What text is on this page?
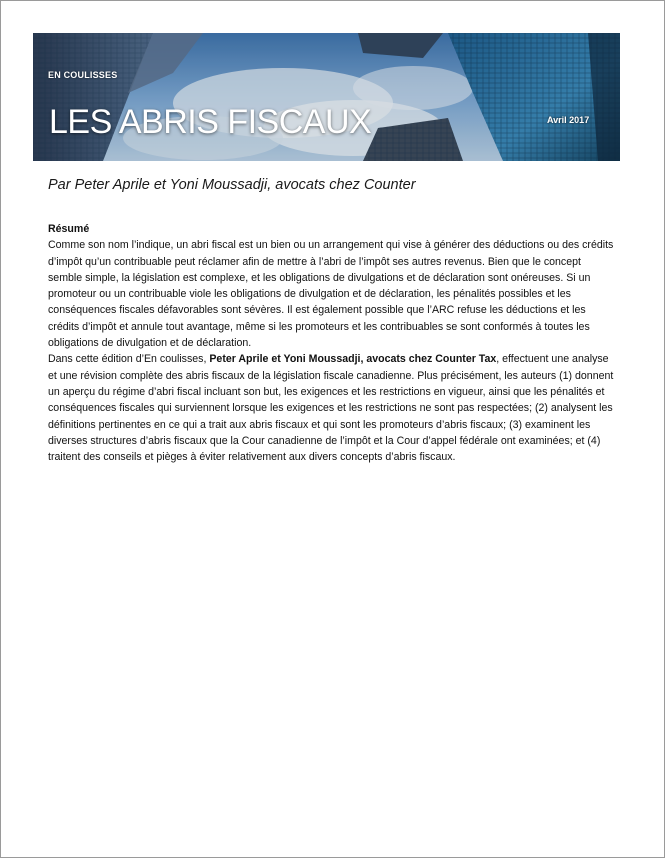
EN COULISSES
LES ABRIS FISCAUX	Avril 2017
Par Peter Aprile et Yoni Moussadji, avocats chez Counter

Résumé

Comme son nom l’indique, un abri fiscal est un bien ou un arrangement qui vise à générer des déductions ou des crédits d’impôt qu’un contribuable peut réclamer afin de mettre à l’abri de l’impôt ses autres revenus. Bien que le concept semble simple, la législation est complexe, et les obligations de divulgations et de déclaration sont onéreuses. Si un promoteur ou un contribuable viole les obligations de divulgation et de déclaration, les pénalités possibles et les conséquences fiscales défavorables sont sévères. Il est également possible que l’ARC refuse les déductions et les crédits d’impôt et annule tout avantage, même si les promoteurs et les contribuables se sont conformés à toutes les obligations de divulgation et de déclaration.

Dans cette édition d’En coulisses, Peter Aprile et Yoni Moussadji, avocats chez Counter Tax, effectuent une analyse et une révision complète des abris fiscaux de la législation fiscale canadienne. Plus précisément, les auteurs (1) donnent un aperçu du régime d’abri fiscal incluant son but, les exigences et les restrictions en vigueur, ainsi que les pénalités et conséquences fiscales qui surviennent lorsque les exigences et les restrictions ne sont pas respectées; (2) analysent les définitions pertinentes en ce qui a trait aux abris fiscaux et qui sont les promoteurs d’abris fiscaux; (3) examinent les diverses structures d’abris fiscaux que la Cour canadienne de l’impôt et la Cour d’appel fédérale ont examinées; et (4) traitent des conseils et pièges à éviter relativement aux divers concepts d’abris fiscaux.
